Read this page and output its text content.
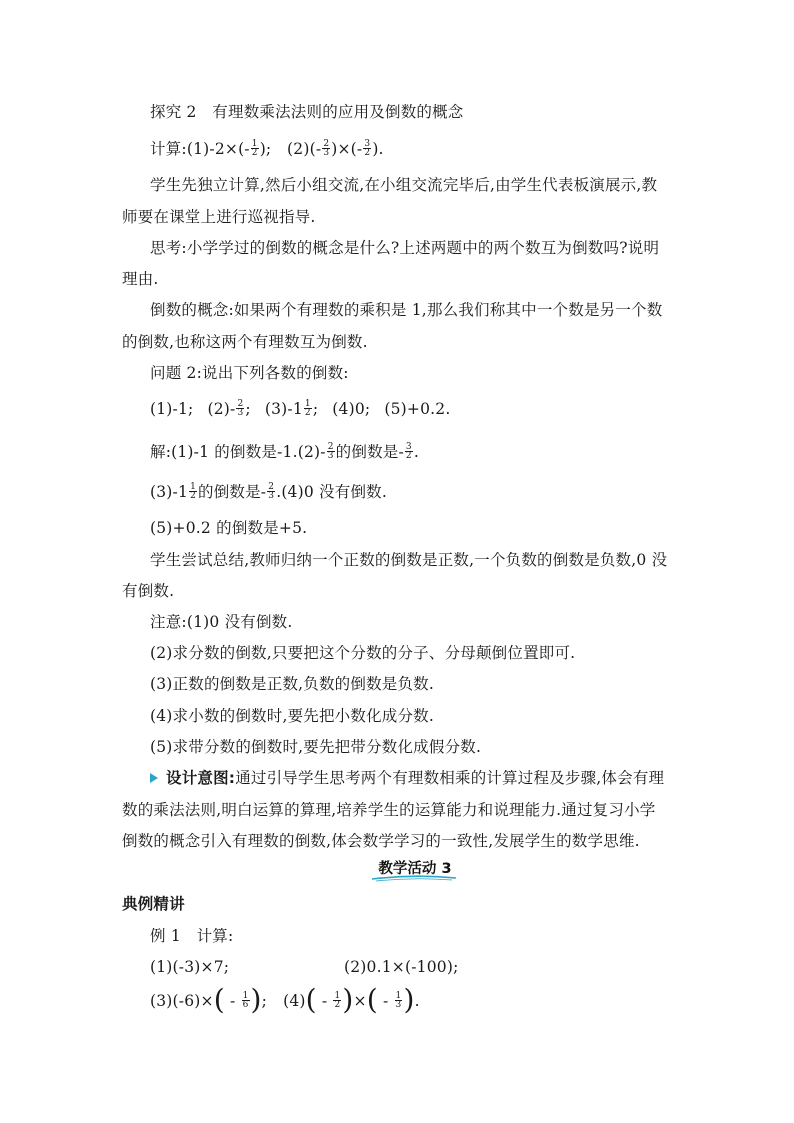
探究 2　有理数乘法法则的应用及倒数的概念
计算:(1)-2×(- $\frac{1}{2}$ );　$(2)(- \frac{2}{3}$ )×(- $\frac{3}{2}$ ).
学生先独立计算,然后小组交流,在小组交流完毕后,由学生代表板演展示,教
师要在课堂上进行巡视指导.
思考:小学学过的倒数的概念是什么?上述两题中的两个数互为倒数吗?说明
理由.
倒数的概念:如果两个有理数的乘积是 1,那么我们称其中一个数是另一个数
的倒数,也称这两个有理数互为倒数.
问题 2:说出下列各数的倒数:
(1)-1; $(2)- \frac{2}{3}$ ; $(3)-1 \frac{1}{2}$ ; (4)0; (5)+0.2.
解:(1)-1 的倒数是$-1.(2)- \frac{2}{3}$ 的倒数是- $\frac{3}{2}$ .
$(3)-1 \frac{1}{2}$ 的倒数是- $\frac{2}{3} .(4)0$ 没有倒数.
(5)+0.2 的倒数是+5.
学生尝试总结,教师归纳一个正数的倒数是正数,一个负数的倒数是负数,0 没
有倒数.
注意:(1)0 没有倒数.
(2)求分数的倒数,只要把这个分数的分子、分母颠倒位置即可.
(3)正数的倒数是正数,负数的倒数是负数.
(4)求小数的倒数时,要先把小数化成分数.
(5)求带分数的倒数时,要先把带分数化成假分数.
设计意图:通过引导学生思考两个有理数相乘的计算过程及步骤,体会有理
数的乘法法则,明白运算的算理,培养学生的运算能力和说理能力.通过复习小学
倒数的概念引入有理数的倒数,体会数学学习的一致性,发展学生的数学思维.
教学活动 3
典例精讲
例 1　计算:
(1)(-3)×7;	(2)0.1×(-100);
$(3)(-6)\times( - \frac{1}{6}$ ); $(4)( - \frac{1}{2}$ )×( - $\frac{1}{3}$ ).
